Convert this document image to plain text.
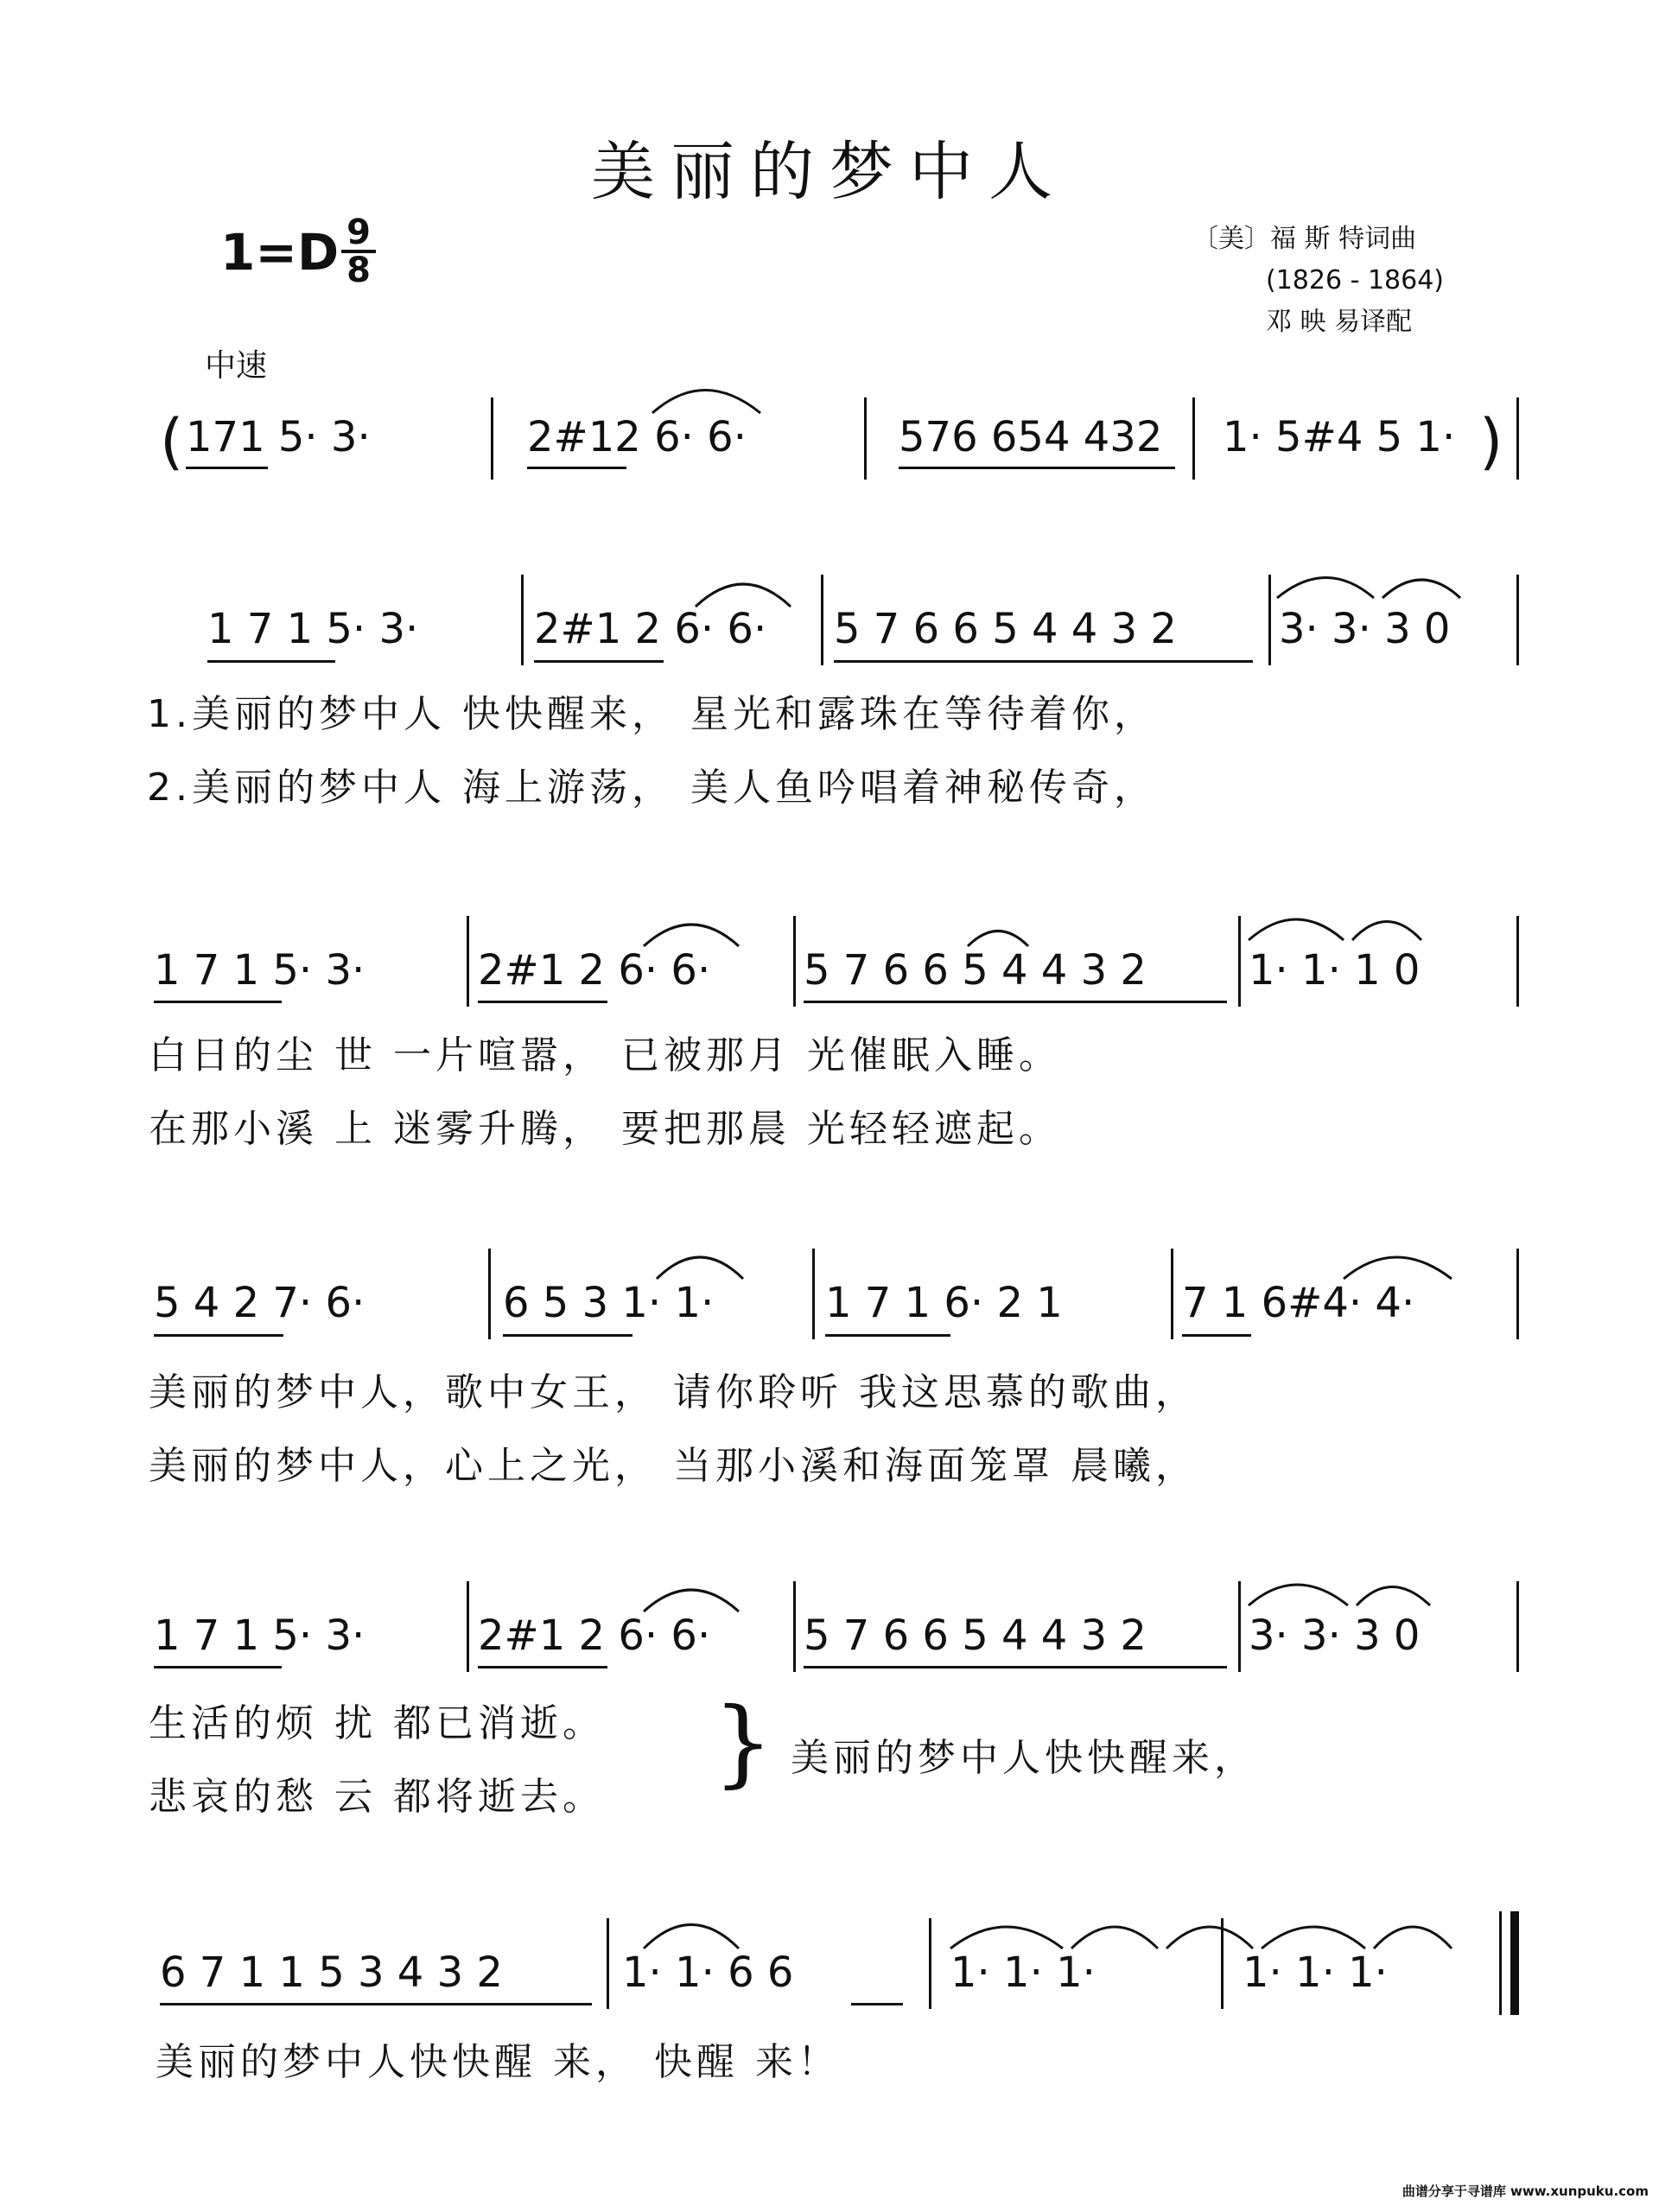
美丽的梦中人
1=D 9
8
中速
〔美〕福 斯 特词曲
(1826 - 1864)
邓 映 易译配
( 171 5· 3·	2#12 6· 6·	576 654 432 1· 5#4 5 1· )
1 7 1 5· 3·	2#1 2 6· 6· 5 7 6 6 5 4 4 3 2 3· 3· 3 0
1.美丽的梦中人 快快醒来， 星光和露珠在等待着你，
2.美丽的梦中人 海上游荡， 美人鱼吟唱着神秘传奇，
1 7 1 5· 3·	2#1 2 6· 6· 5 7 6 6 5 4 4 3 2 1· 1· 1 0
白日的尘 世 一片喧嚣， 已被那月 光催眠入睡。
在那小溪 上 迷雾升腾， 要把那晨 光轻轻遮起。
5 4 2 7· 6·	6 5 3 1· 1·	1 7 1 6· 2 1	7 1 6#4· 4·
美丽的梦中人，歌中女王， 请你聆听 我这思慕的歌曲，
美丽的梦中人，心上之光， 当那小溪和海面笼罩 晨曦，
1 7 1 5· 3·	2#1 2 6· 6· 5 7 6 6 5 4 4 3 2 3· 3· 3 0
生活的烦 扰 都已消逝。
悲哀的愁 云 都将逝去。 } 美丽的梦中人快快醒来，
6 7 1 1 5 3 4 3 2	1· 1· 6 6	1· 1· 1·	1· 1· 1·
美丽的梦中人快快醒 来， 快醒 来！
曲谱分享于寻谱库 www.xunpuku.com
